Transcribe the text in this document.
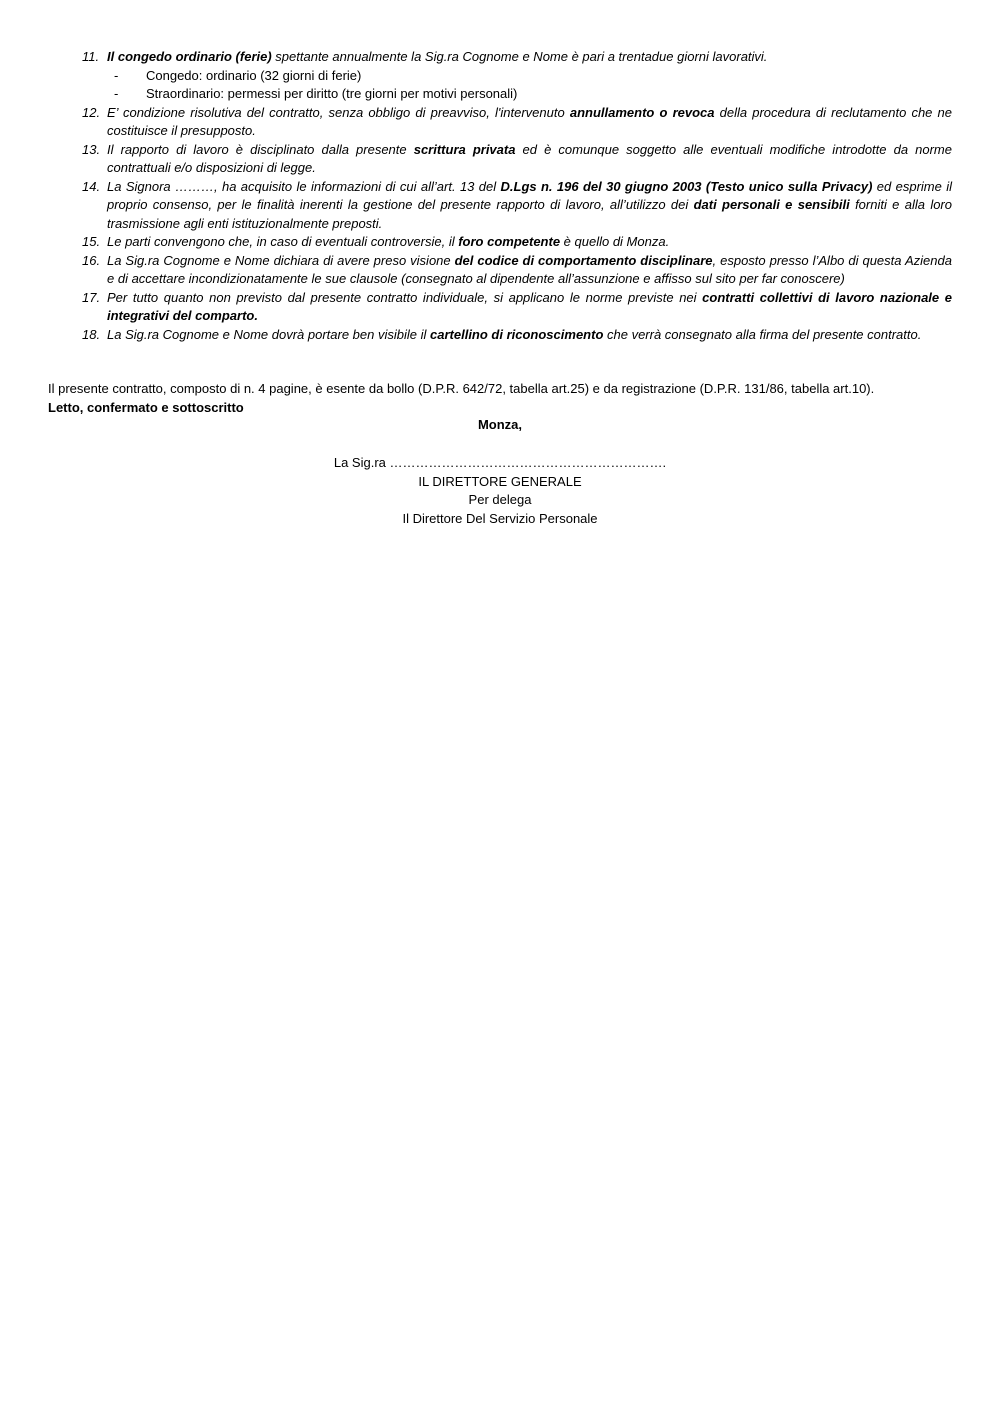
11. Il congedo ordinario (ferie) spettante annualmente la Sig.ra Cognome e Nome è pari a trentadue giorni lavorativi.
-	Congedo: ordinario (32 giorni di ferie)
-	Straordinario: permessi per diritto (tre giorni per motivi personali)
12. E’ condizione risolutiva del contratto, senza obbligo di preavviso, l'intervenuto annullamento o revoca della procedura di reclutamento che ne costituisce il presupposto.
13. Il rapporto di lavoro è disciplinato dalla presente scrittura privata ed è comunque soggetto alle eventuali modifiche introdotte da norme contrattuali e/o disposizioni di legge.
14. La Signora ………, ha acquisito le informazioni di cui all’art. 13 del D.Lgs n. 196 del 30 giugno 2003 (Testo unico sulla Privacy) ed esprime il proprio consenso, per le finalità inerenti la gestione del presente rapporto di lavoro, all’utilizzo dei dati personali e sensibili forniti e alla loro trasmissione agli enti istituzionalmente preposti.
15. Le parti convengono che, in caso di eventuali controversie, il foro competente è quello di Monza.
16. La Sig.ra Cognome e Nome dichiara di avere preso visione del codice di comportamento disciplinare, esposto presso l’Albo di questa Azienda e di accettare incondizionatamente le sue clausole (consegnato al dipendente all’assunzione e affisso sul sito per far conoscere)
17. Per tutto quanto non previsto dal presente contratto individuale, si applicano le norme previste nei contratti collettivi di lavoro nazionale e integrativi del comparto.
18. La Sig.ra Cognome e Nome dovrà portare ben visibile il cartellino di riconoscimento che verrà consegnato alla firma del presente contratto.
Il presente contratto, composto di n. 4 pagine, è esente da bollo (D.P.R. 642/72, tabella art.25) e da registrazione (D.P.R. 131/86, tabella art.10).
Letto, confermato e sottoscritto
Monza,
La Sig.ra ……………………………………………………….
IL DIRETTORE GENERALE
Per delega
Il Direttore Del Servizio Personale
